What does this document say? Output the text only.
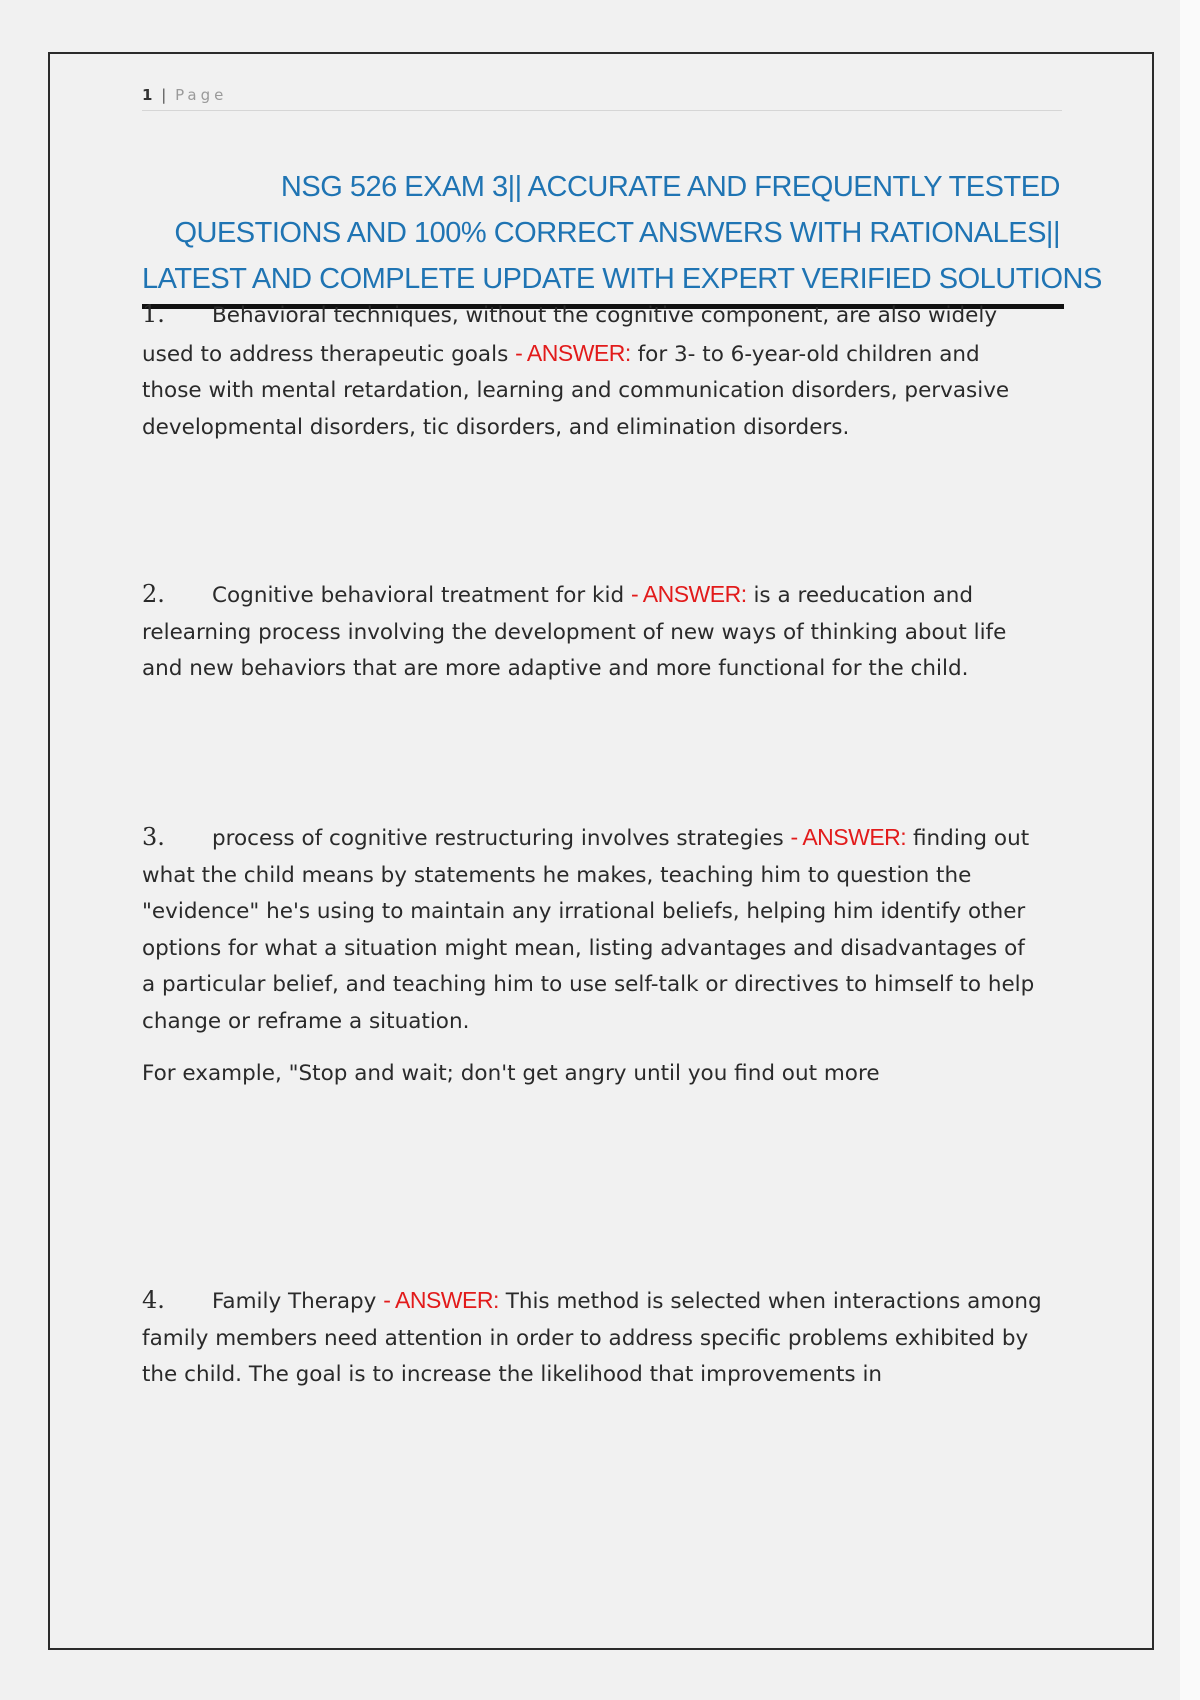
1 | Page
NSG 526 EXAM 3|| ACCURATE AND FREQUENTLY TESTED
QUESTIONS AND 100% CORRECT ANSWERS WITH RATIONALES||
LATEST AND COMPLETE UPDATE WITH EXPERT VERIFIED SOLUTIONS

1. Behavioral techniques, without the cognitive component, are also widely used to address therapeutic goals - ANSWER: for 3- to 6-year-old children and those with mental retardation, learning and communication disorders, pervasive developmental disorders, tic disorders, and elimination disorders.

2. Cognitive behavioral treatment for kid - ANSWER: is a reeducation and relearning process involving the development of new ways of thinking about life and new behaviors that are more adaptive and more functional for the child.

3. process of cognitive restructuring involves strategies - ANSWER: finding out what the child means by statements he makes, teaching him to question the "evidence" he's using to maintain any irrational beliefs, helping him identify other options for what a situation might mean, listing advantages and disadvantages of a particular belief, and teaching him to use self-talk or directives to himself to help change or reframe a situation.

For example, "Stop and wait; don't get angry until you find out more

4. Family Therapy - ANSWER: This method is selected when interactions among family members need attention in order to address specific problems exhibited by the child. The goal is to increase the likelihood that improvements in
